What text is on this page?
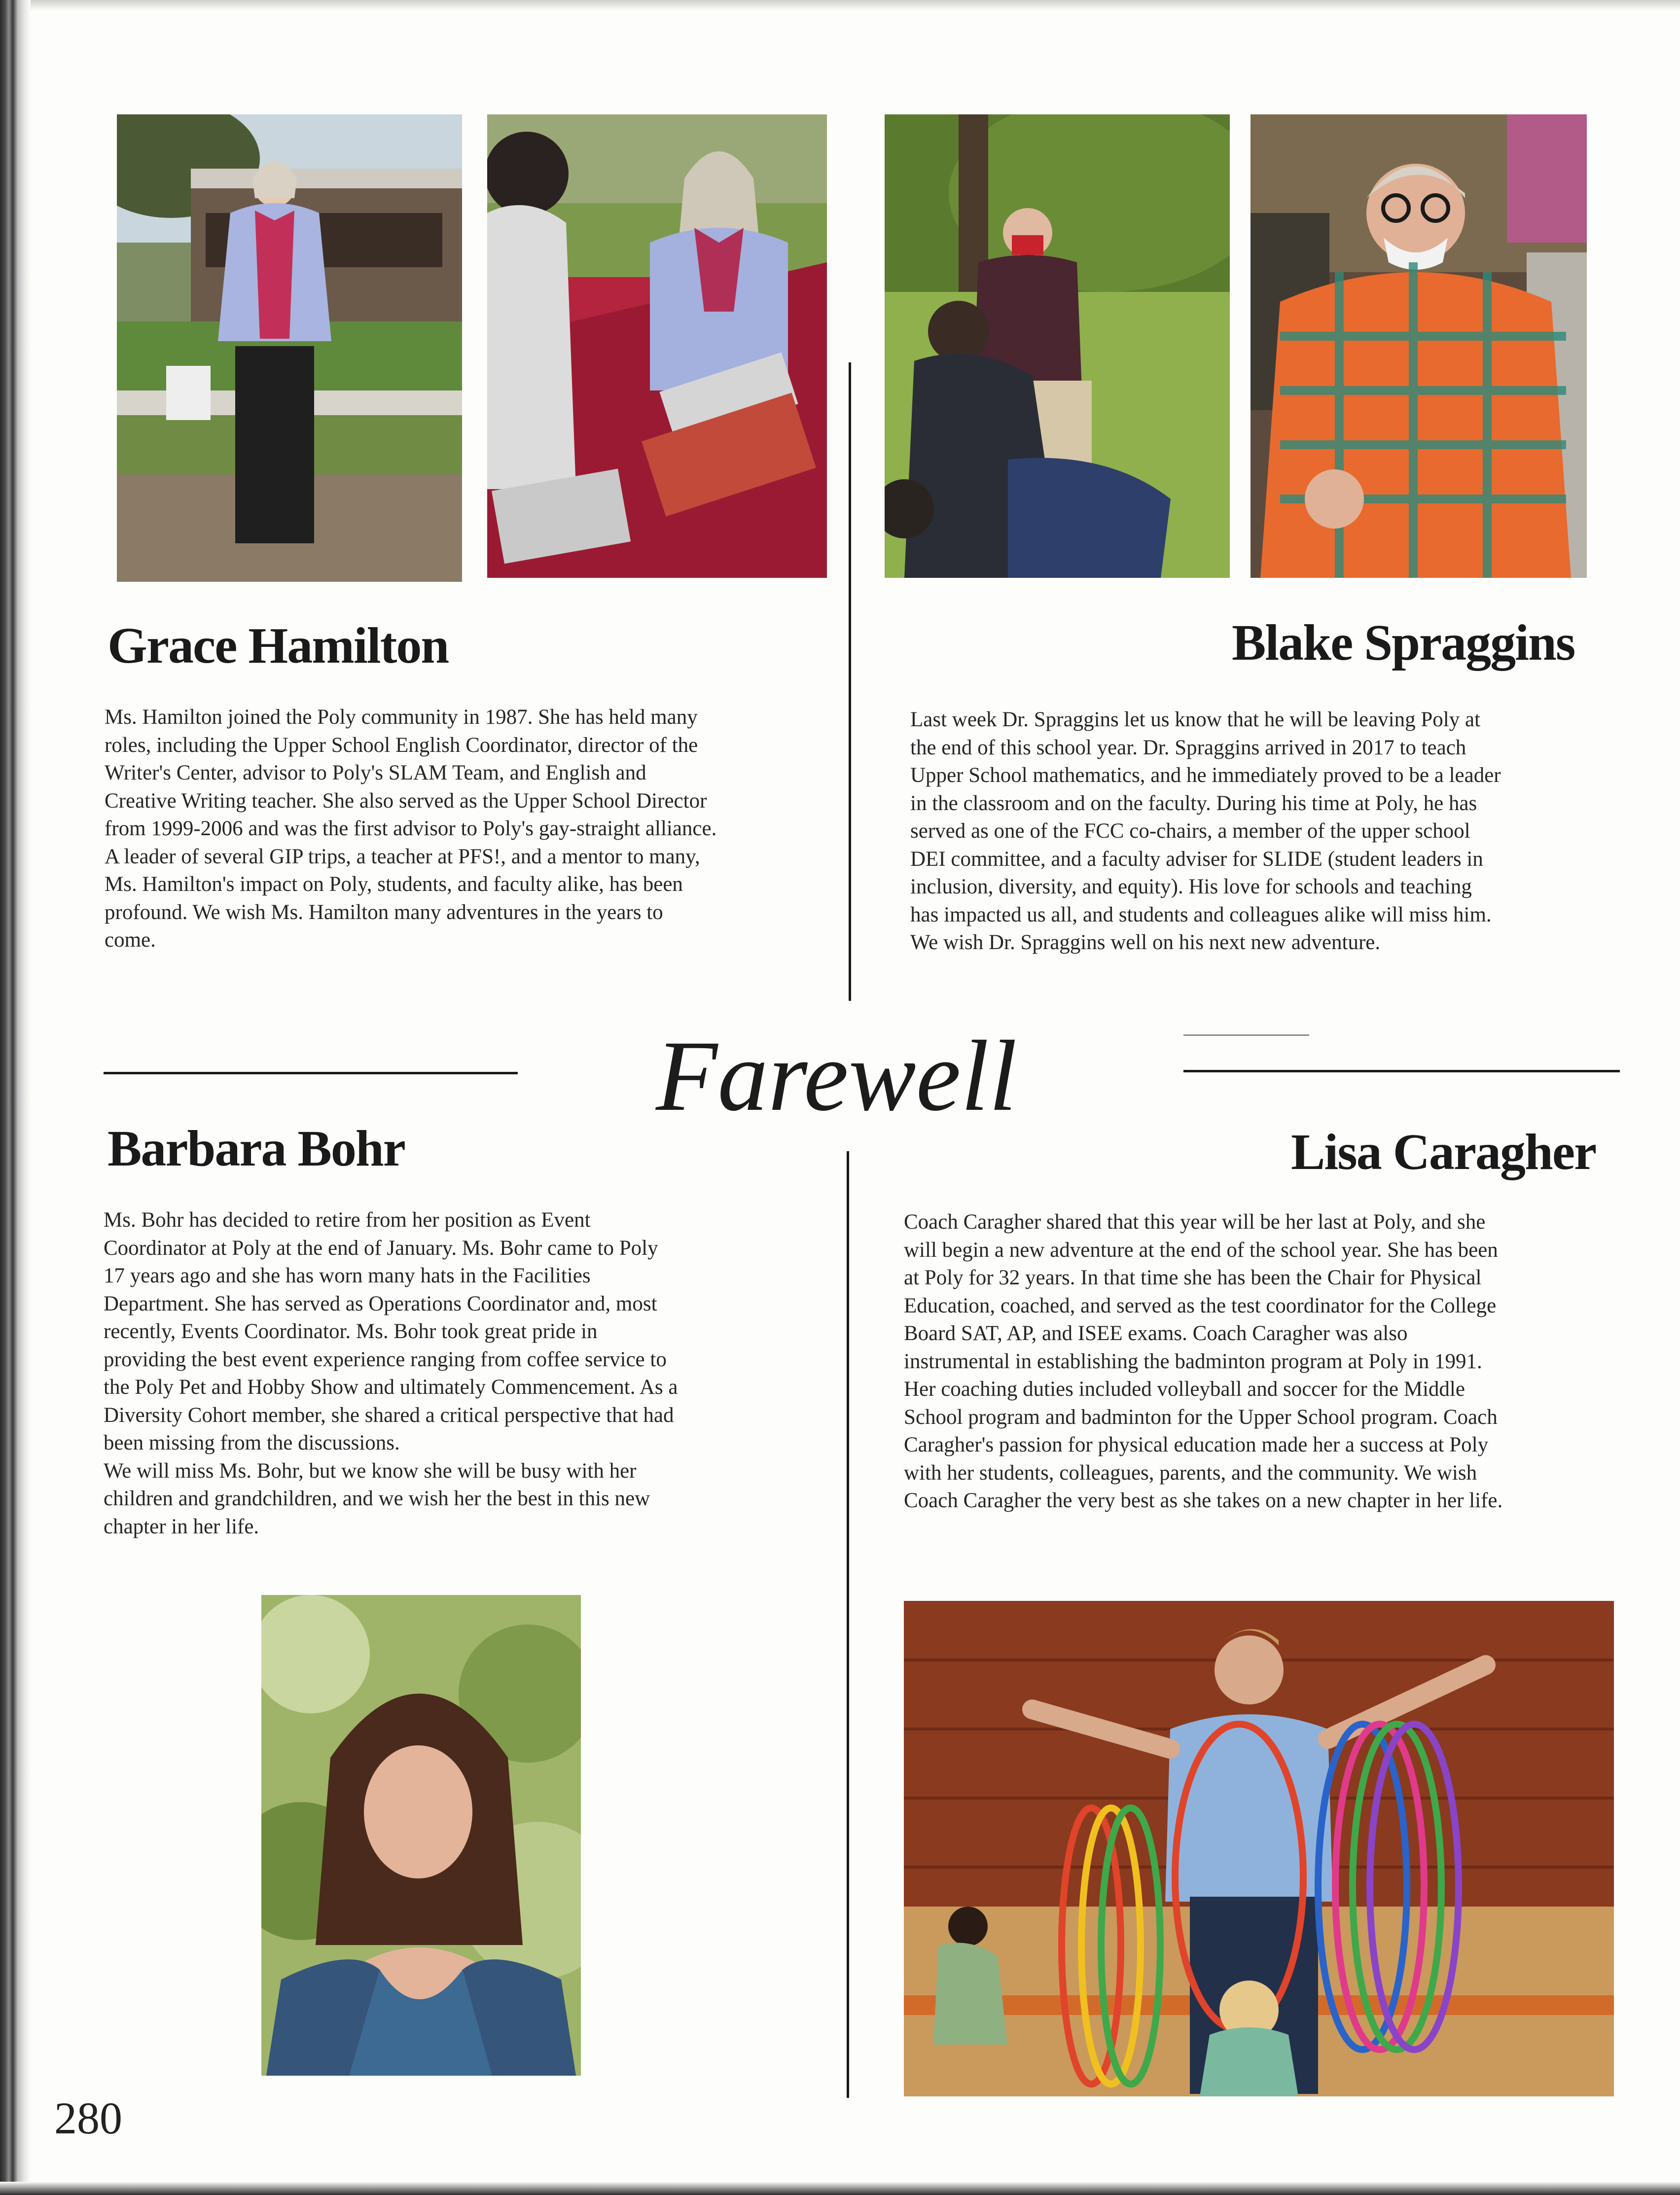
Farewell
Grace Hamilton	Blake Spraggins
Barbara Bohr	Lisa Caragher
Ms. Hamilton joined the Poly community in 1987. She has held many
roles, including the Upper School English Coordinator, director of the
Writer's Center, advisor to Poly's SLAM Team, and English and
Creative Writing teacher. She also served as the Upper School Director
from 1999-2006 and was the first advisor to Poly's gay-straight alliance.
A leader of several GIP trips, a teacher at PFS!, and a mentor to many,
Ms. Hamilton's impact on Poly, students, and faculty alike, has been
profound. We wish Ms. Hamilton many adventures in the years to
come.
Last week Dr. Spraggins let us know that he will be leaving Poly at
the end of this school year. Dr. Spraggins arrived in 2017 to teach
Upper School mathematics, and he immediately proved to be a leader
in the classroom and on the faculty. During his time at Poly, he has
served as one of the FCC co-chairs, a member of the upper school
DEI committee, and a faculty adviser for SLIDE (student leaders in
inclusion, diversity, and equity). His love for schools and teaching
has impacted us all, and students and colleagues alike will miss him.
We wish Dr. Spraggins well on his next new adventure.
Ms. Bohr has decided to retire from her position as Event
Coordinator at Poly at the end of January. Ms. Bohr came to Poly
17 years ago and she has worn many hats in the Facilities
Department. She has served as Operations Coordinator and, most
recently, Events Coordinator. Ms. Bohr took great pride in
providing the best event experience ranging from coffee service to
the Poly Pet and Hobby Show and ultimately Commencement. As a
Diversity Cohort member, she shared a critical perspective that had
been missing from the discussions.
We will miss Ms. Bohr, but we know she will be busy with her
children and grandchildren, and we wish her the best in this new
chapter in her life.
Coach Caragher shared that this year will be her last at Poly, and she
will begin a new adventure at the end of the school year. She has been
at Poly for 32 years. In that time she has been the Chair for Physical
Education, coached, and served as the test coordinator for the College
Board SAT, AP, and ISEE exams. Coach Caragher was also
instrumental in establishing the badminton program at Poly in 1991.
Her coaching duties included volleyball and soccer for the Middle
School program and badminton for the Upper School program. Coach
Caragher's passion for physical education made her a success at Poly
with her students, colleagues, parents, and the community. We wish
Coach Caragher the very best as she takes on a new chapter in her life.
280
